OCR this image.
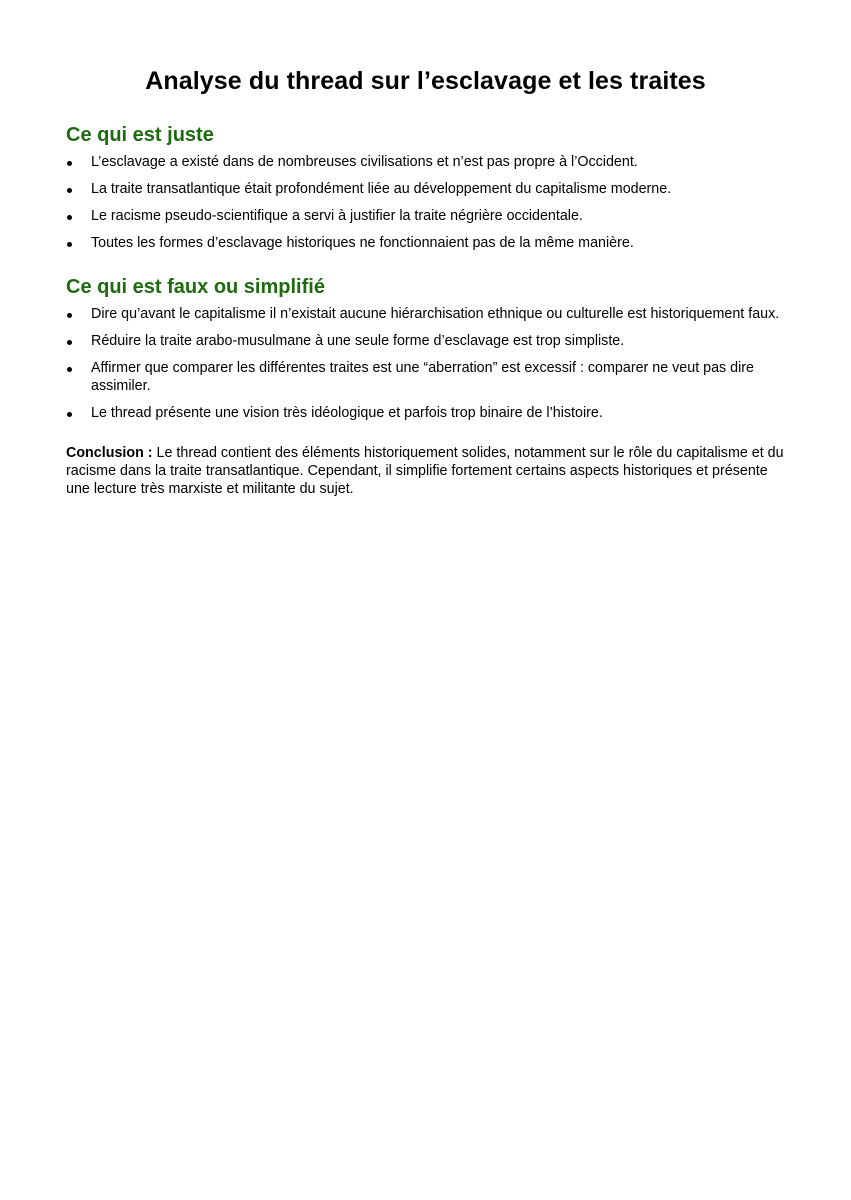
Analyse du thread sur l’esclavage et les traites
Ce qui est juste
L’esclavage a existé dans de nombreuses civilisations et n’est pas propre à l’Occident.
La traite transatlantique était profondément liée au développement du capitalisme moderne.
Le racisme pseudo-scientifique a servi à justifier la traite négrière occidentale.
Toutes les formes d’esclavage historiques ne fonctionnaient pas de la même manière.
Ce qui est faux ou simplifié
Dire qu’avant le capitalisme il n’existait aucune hiérarchisation ethnique ou culturelle est historiquement faux.
Réduire la traite arabo-musulmane à une seule forme d’esclavage est trop simpliste.
Affirmer que comparer les différentes traites est une “aberration” est excessif : comparer ne veut pas dire assimiler.
Le thread présente une vision très idéologique et parfois trop binaire de l’histoire.

Conclusion : Le thread contient des éléments historiquement solides, notamment sur le rôle du capitalisme et du racisme dans la traite transatlantique. Cependant, il simplifie fortement certains aspects historiques et présente une lecture très marxiste et militante du sujet.
